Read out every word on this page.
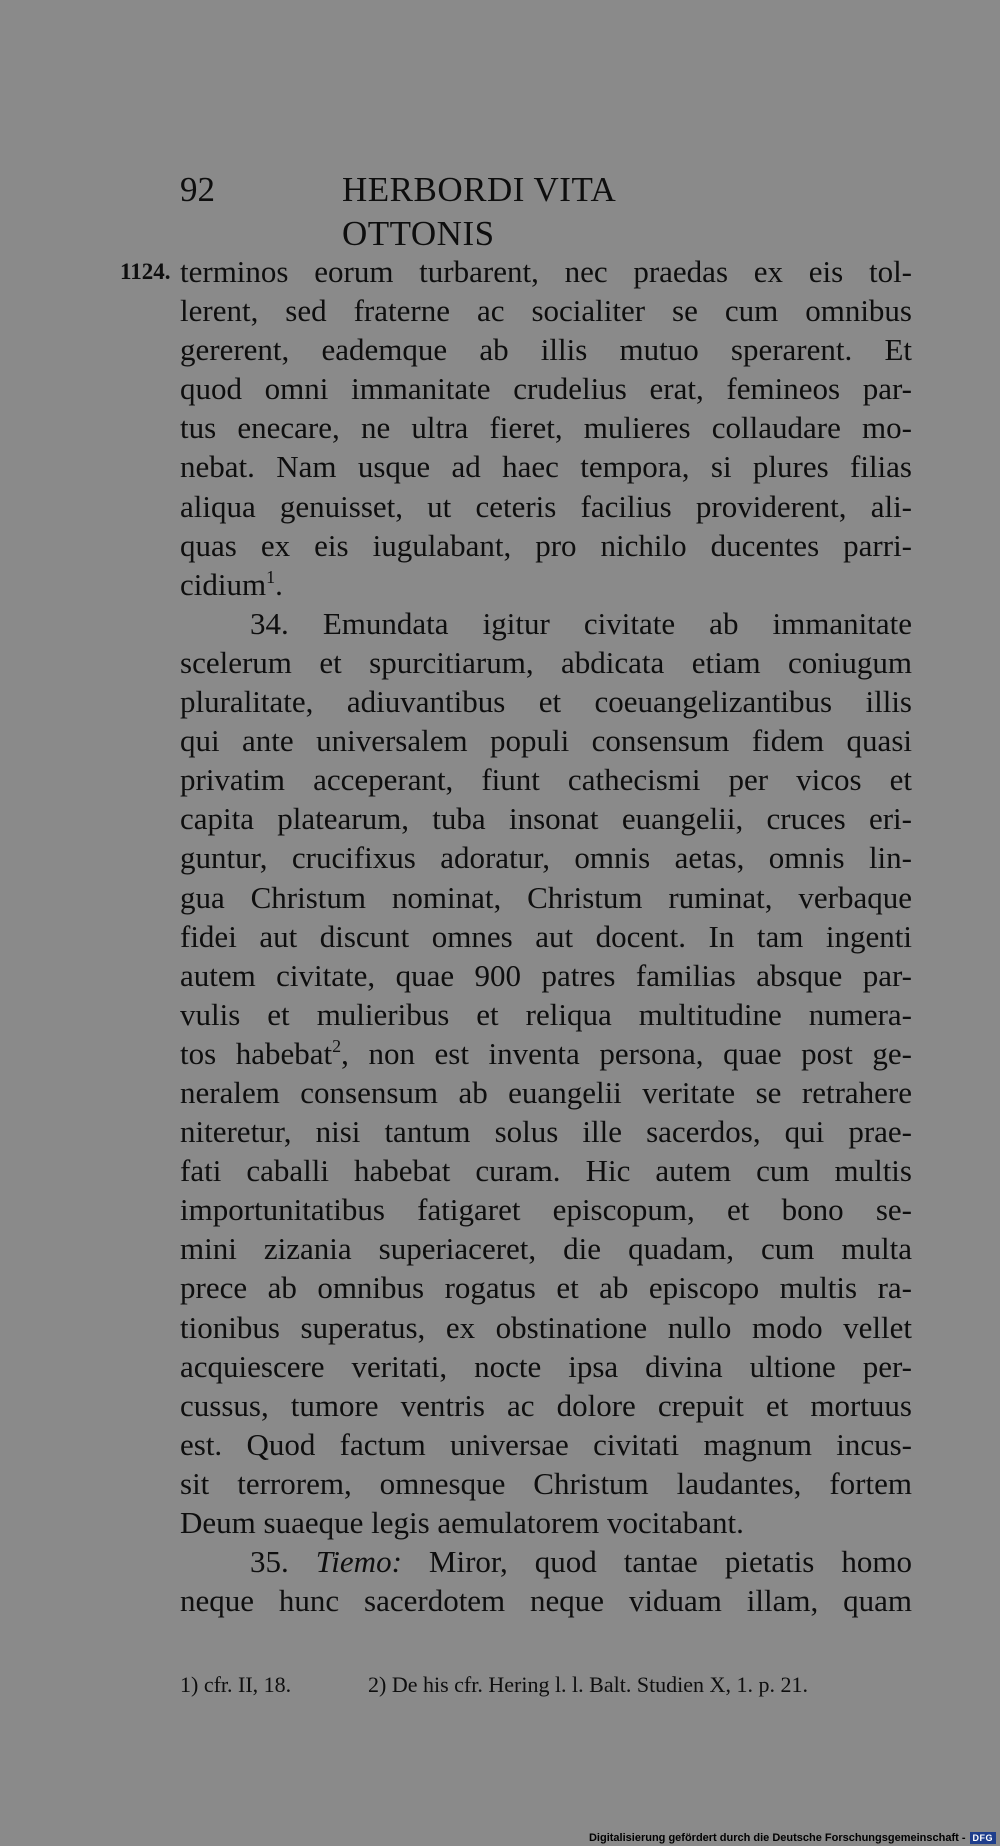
92	HERBORDI VITA OTTONIS
1124. terminos eorum turbarent, nec praedas ex eis tol-
lerent, sed fraterne ac socialiter se cum omnibus
gererent, eademque ab illis mutuo sperarent. Et
quod omni immanitate crudelius erat, femineos par-
tus enecare, ne ultra fieret, mulieres collaudare mo-
nebat. Nam usque ad haec tempora, si plures filias
aliqua genuisset, ut ceteris facilius providerent, ali-
quas ex eis iugulabant, pro nichilo ducentes parri-
cidium$^1$.
34. Emundata igitur civitate ab immanitate
scelerum et spurcitiarum, abdicata etiam coniugum
pluralitate, adiuvantibus et coeuangelizantibus illis
qui ante universalem populi consensum fidem quasi
privatim acceperant, fiunt cathecismi per vicos et
capita platearum, tuba insonat euangelii, cruces eri-
guntur, crucifixus adoratur, omnis aetas, omnis lin-
gua Christum nominat, Christum ruminat, verbaque
fidei aut discunt omnes aut docent. In tam ingenti
autem civitate, quae 900 patres familias absque par-
vulis et mulieribus et reliqua multitudine numera-
tos habebat$^2$, non est inventa persona, quae post ge-
neralem consensum ab euangelii veritate se retrahere
niteretur, nisi tantum solus ille sacerdos, qui prae-
fati caballi habebat curam. Hic autem cum multis
importunitatibus fatigaret episcopum, et bono se-
mini zizania superiaceret, die quadam, cum multa
prece ab omnibus rogatus et ab episcopo multis ra-
tionibus superatus, ex obstinatione nullo modo vellet
acquiescere veritati, nocte ipsa divina ultione per-
cussus, tumore ventris ac dolore crepuit et mortuus
est. Quod factum universae civitati magnum incus-
sit terrorem, omnesque Christum laudantes, fortem
Deum suaeque legis aemulatorem vocitabant.
35. Tiemo: Miror, quod tantae pietatis homo
neque hunc sacerdotem neque viduam illam, quam
1) cfr. II, 18.	2) De his cfr. Hering l. l. Balt. Studien X, 1. p. 21.
Digitalisierung gefördert durch die Deutsche Forschungsgemeinschaft - DFG
